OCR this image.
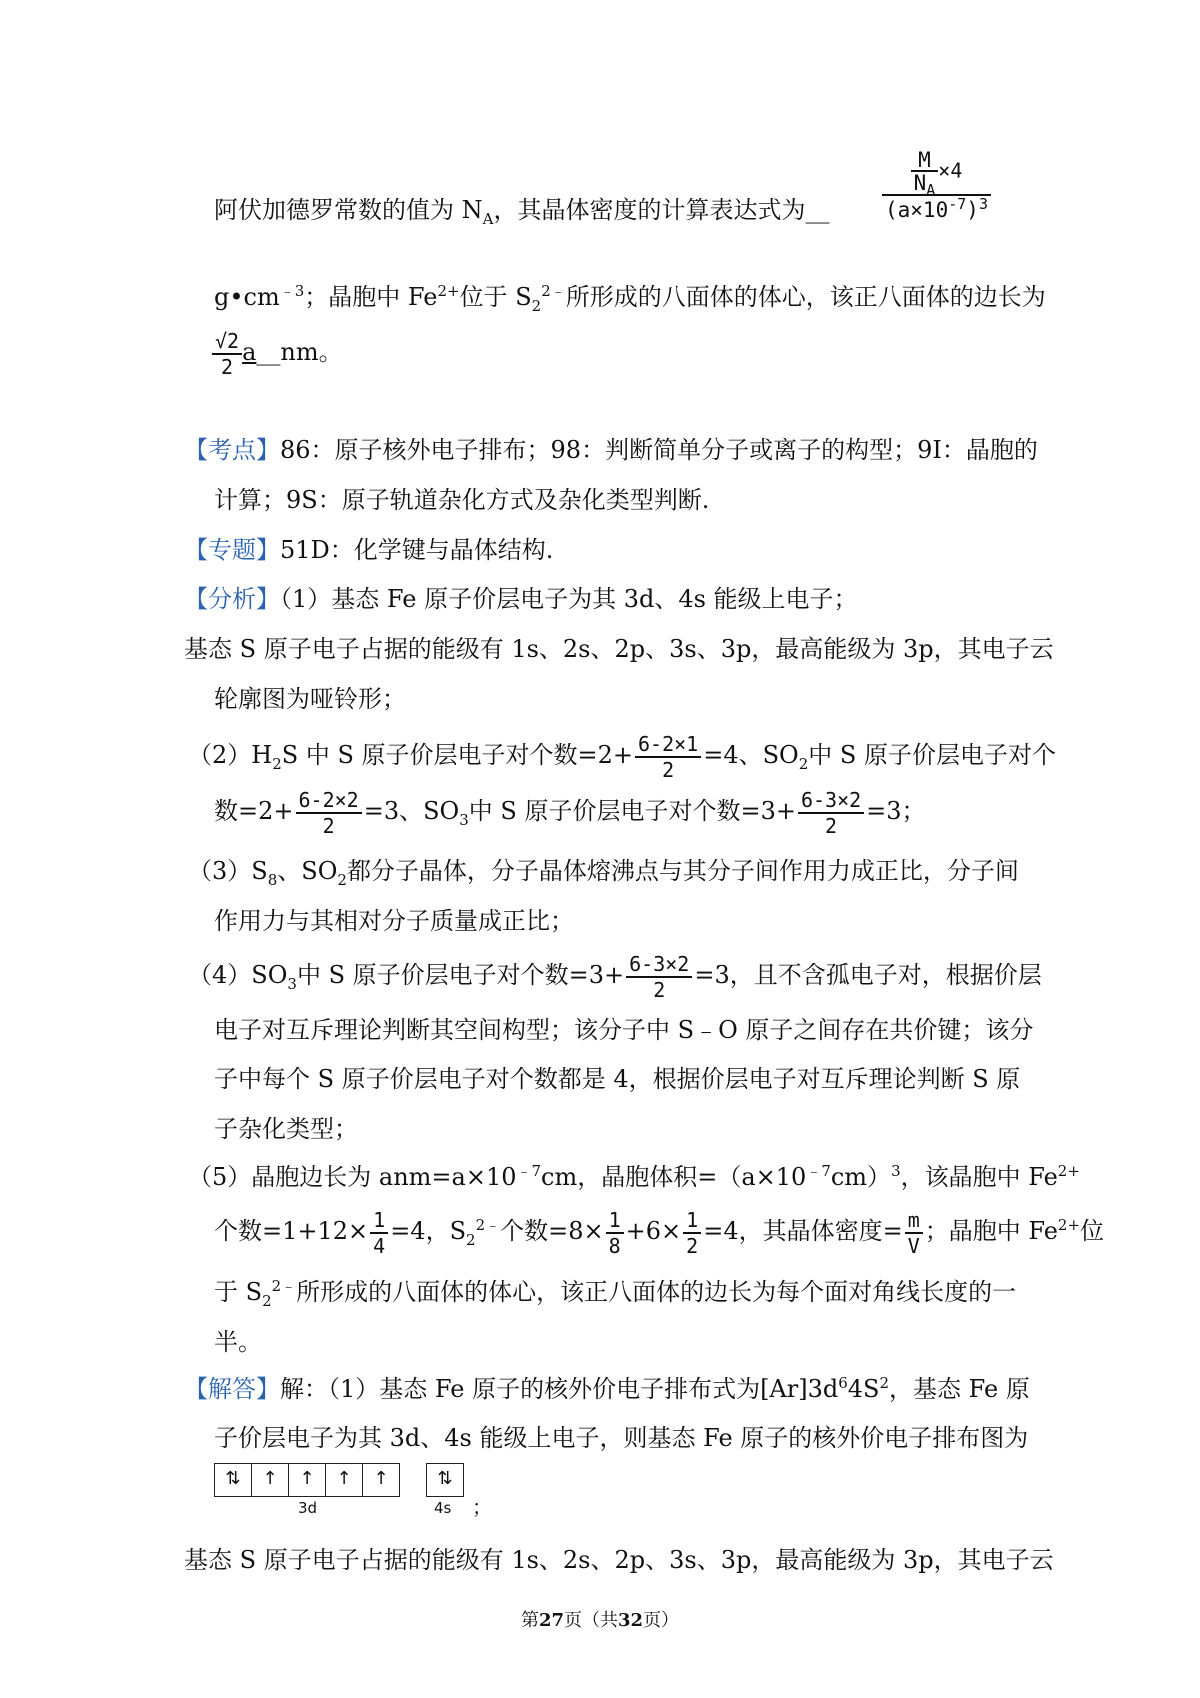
阿伏加德罗常数的值为 $N_A$，其晶体密度的计算表达式为__	$\frac{\frac{M}{N_A} \times 4}{(a\times 10^{-7})^3}$
$g•cm^{﹣3}$；晶胞中 $Fe^{2+}$位于 $S_2^{2﹣}$所形成的八面体的体心，该正八面体的边长为
$\frac{√2}{2}$ a__nm。
【考点】86：原子核外电子排布；98：判断简单分子或离子的构型；9I：晶胞的
计算；9S：原子轨道杂化方式及杂化类型判断.
【专题】51D：化学键与晶体结构.
【分析】（1）基态 Fe 原子价层电子为其 3d、4s 能级上电子；
基态 S 原子电子占据的能级有 1s、2s、2p、3s、3p，最高能级为 3p，其电子云
轮廓图为哑铃形；
$(2)H_2S$ 中 S 原子价层电子对个数$=2+ \frac{6-2\times 1}{2} =4$、$SO_2$中 S 原子价层电子对个
数$=2+ \frac{6-2\times 2}{2} =3$、$SO_3$中 S 原子价层电子对个数$=3+ \frac{6-3\times 2}{2} =3$；
$(3)S_8$、$SO_2$都分子晶体，分子晶体熔沸点与其分子间作用力成正比，分子间
作用力与其相对分子质量成正比；
$(4)SO_3$中 S 原子价层电子对个数$=3+ \frac{6-3\times 2}{2} =3$，且不含孤电子对，根据价层
电子对互斥理论判断其空间构型；该分子中 S﹣O 原子之间存在共价键；该分
子中每个 S 原子价层电子对个数都是 4，根据价层电子对互斥理论判断 S 原
子杂化类型；
（5）晶胞边长为 $anm=a\times 10^{﹣7}cm$，晶胞体积$=(a\times 10^{﹣7}cm)^3$，该晶胞中 $Fe^{2+}$
个数$=1+12\times \frac{1}{4} =4$，$S_2^{2﹣}$个数$=8\times \frac{1}{8} +6\times \frac{1}{2} =4$，其晶体密度= $\frac{m}{V}$ ；晶胞中 $Fe^{2+}$位
于 $S_2^{2﹣}$所形成的八面体的体心，该正八面体的边长为每个面对角线长度的一
半。
【解答】解：（1）基态 Fe 原子的核外价电子排布式为$[Ar]3d^64S^2$，基态 Fe 原
子价层电子为其 3d、4s 能级上电子，则基态 Fe 原子的核外价电子排布图为
⇅	↑	↑	↑	↑
3d
⇅
4s ；
基态 S 原子电子占据的能级有 1s、2s、2p、3s、3p，最高能级为 3p，其电子云
第27页（共32页）
